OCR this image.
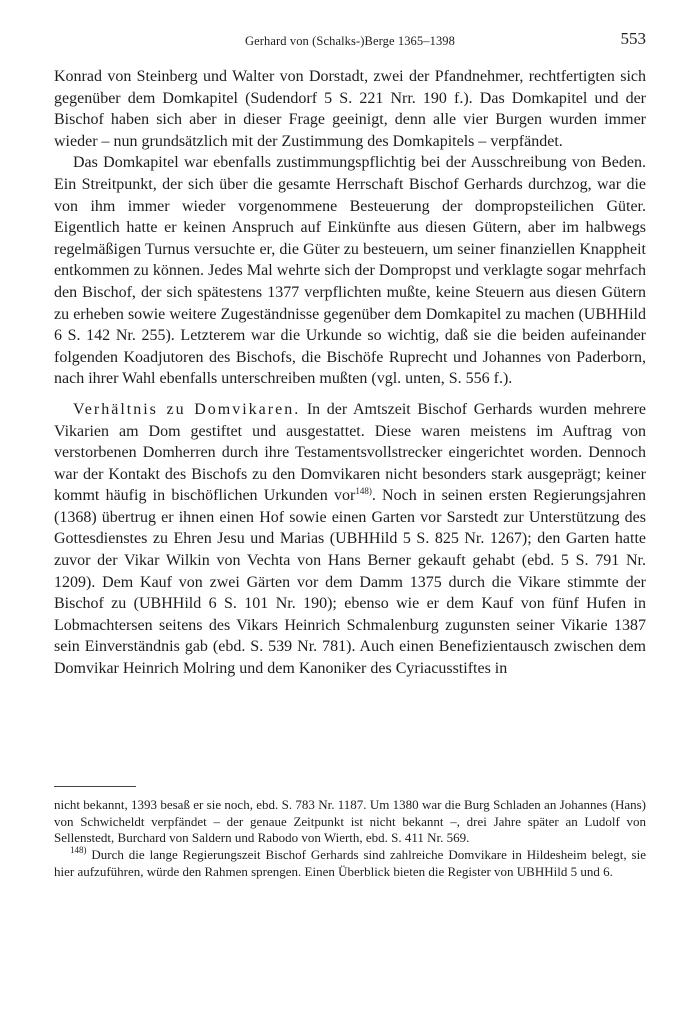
Gerhard von (Schalks-)Berge 1365–1398	553

Konrad von Steinberg und Walter von Dorstadt, zwei der Pfandnehmer, rechtfertigten sich gegenüber dem Domkapitel (Sudendorf 5 S. 221 Nrr. 190 f.). Das Domkapitel und der Bischof haben sich aber in dieser Frage geeinigt, denn alle vier Burgen wurden immer wieder – nun grundsätzlich mit der Zustimmung des Domkapitels – verpfändet.

Das Domkapitel war ebenfalls zustimmungspflichtig bei der Ausschreibung von Beden. Ein Streitpunkt, der sich über die gesamte Herrschaft Bischof Gerhards durchzog, war die von ihm immer wieder vorgenommene Besteuerung der dompropsteilichen Güter. Eigentlich hatte er keinen Anspruch auf Einkünfte aus diesen Gütern, aber im halbwegs regelmäßigen Turnus versuchte er, die Güter zu besteuern, um seiner finanziellen Knappheit entkommen zu können. Jedes Mal wehrte sich der Dompropst und verklagte sogar mehrfach den Bischof, der sich spätestens 1377 verpflichten mußte, keine Steuern aus diesen Gütern zu erheben sowie weitere Zugeständnisse gegenüber dem Domkapitel zu machen (UBHHild 6 S. 142 Nr. 255). Letzterem war die Urkunde so wichtig, daß sie die beiden aufeinander folgenden Koadjutoren des Bischofs, die Bischöfe Ruprecht und Johannes von Paderborn, nach ihrer Wahl ebenfalls unterschreiben mußten (vgl. unten, S. 556 f.).

Verhältnis zu Domvikaren. In der Amtszeit Bischof Gerhards wurden mehrere Vikarien am Dom gestiftet und ausgestattet. Diese waren meistens im Auftrag von verstorbenen Domherren durch ihre Testamentsvollstrecker eingerichtet worden. Dennoch war der Kontakt des Bischofs zu den Domvikaren nicht besonders stark ausgeprägt; keiner kommt häufig in bischöflichen Urkunden vor$^{148)}$. Noch in seinen ersten Regierungsjahren (1368) übertrug er ihnen einen Hof sowie einen Garten vor Sarstedt zur Unterstützung des Gottesdienstes zu Ehren Jesu und Marias (UBHHild 5 S. 825 Nr. 1267); den Garten hatte zuvor der Vikar Wilkin von Vechta von Hans Berner gekauft gehabt (ebd. 5 S. 791 Nr. 1209). Dem Kauf von zwei Gärten vor dem Damm 1375 durch die Vikare stimmte der Bischof zu (UBHHild 6 S. 101 Nr. 190); ebenso wie er dem Kauf von fünf Hufen in Lobmachtersen seitens des Vikars Heinrich Schmalenburg zugunsten seiner Vikarie 1387 sein Einverständnis gab (ebd. S. 539 Nr. 781). Auch einen Benefizientausch zwischen dem Domvikar Heinrich Molring und dem Kanoniker des Cyriacusstiftes in

nicht bekannt, 1393 besaß er sie noch, ebd. S. 783 Nr. 1187. Um 1380 war die Burg Schladen an Johannes (Hans) von Schwicheldt verpfändet – der genaue Zeitpunkt ist nicht bekannt –, drei Jahre später an Ludolf von Sellenstedt, Burchard von Saldern und Rabodo von Wierth, ebd. S. 411 Nr. 569.

$^{148)}$ Durch die lange Regierungszeit Bischof Gerhards sind zahlreiche Domvikare in Hildesheim belegt, sie hier aufzuführen, würde den Rahmen sprengen. Einen Überblick bieten die Register von UBHHild 5 und 6.
